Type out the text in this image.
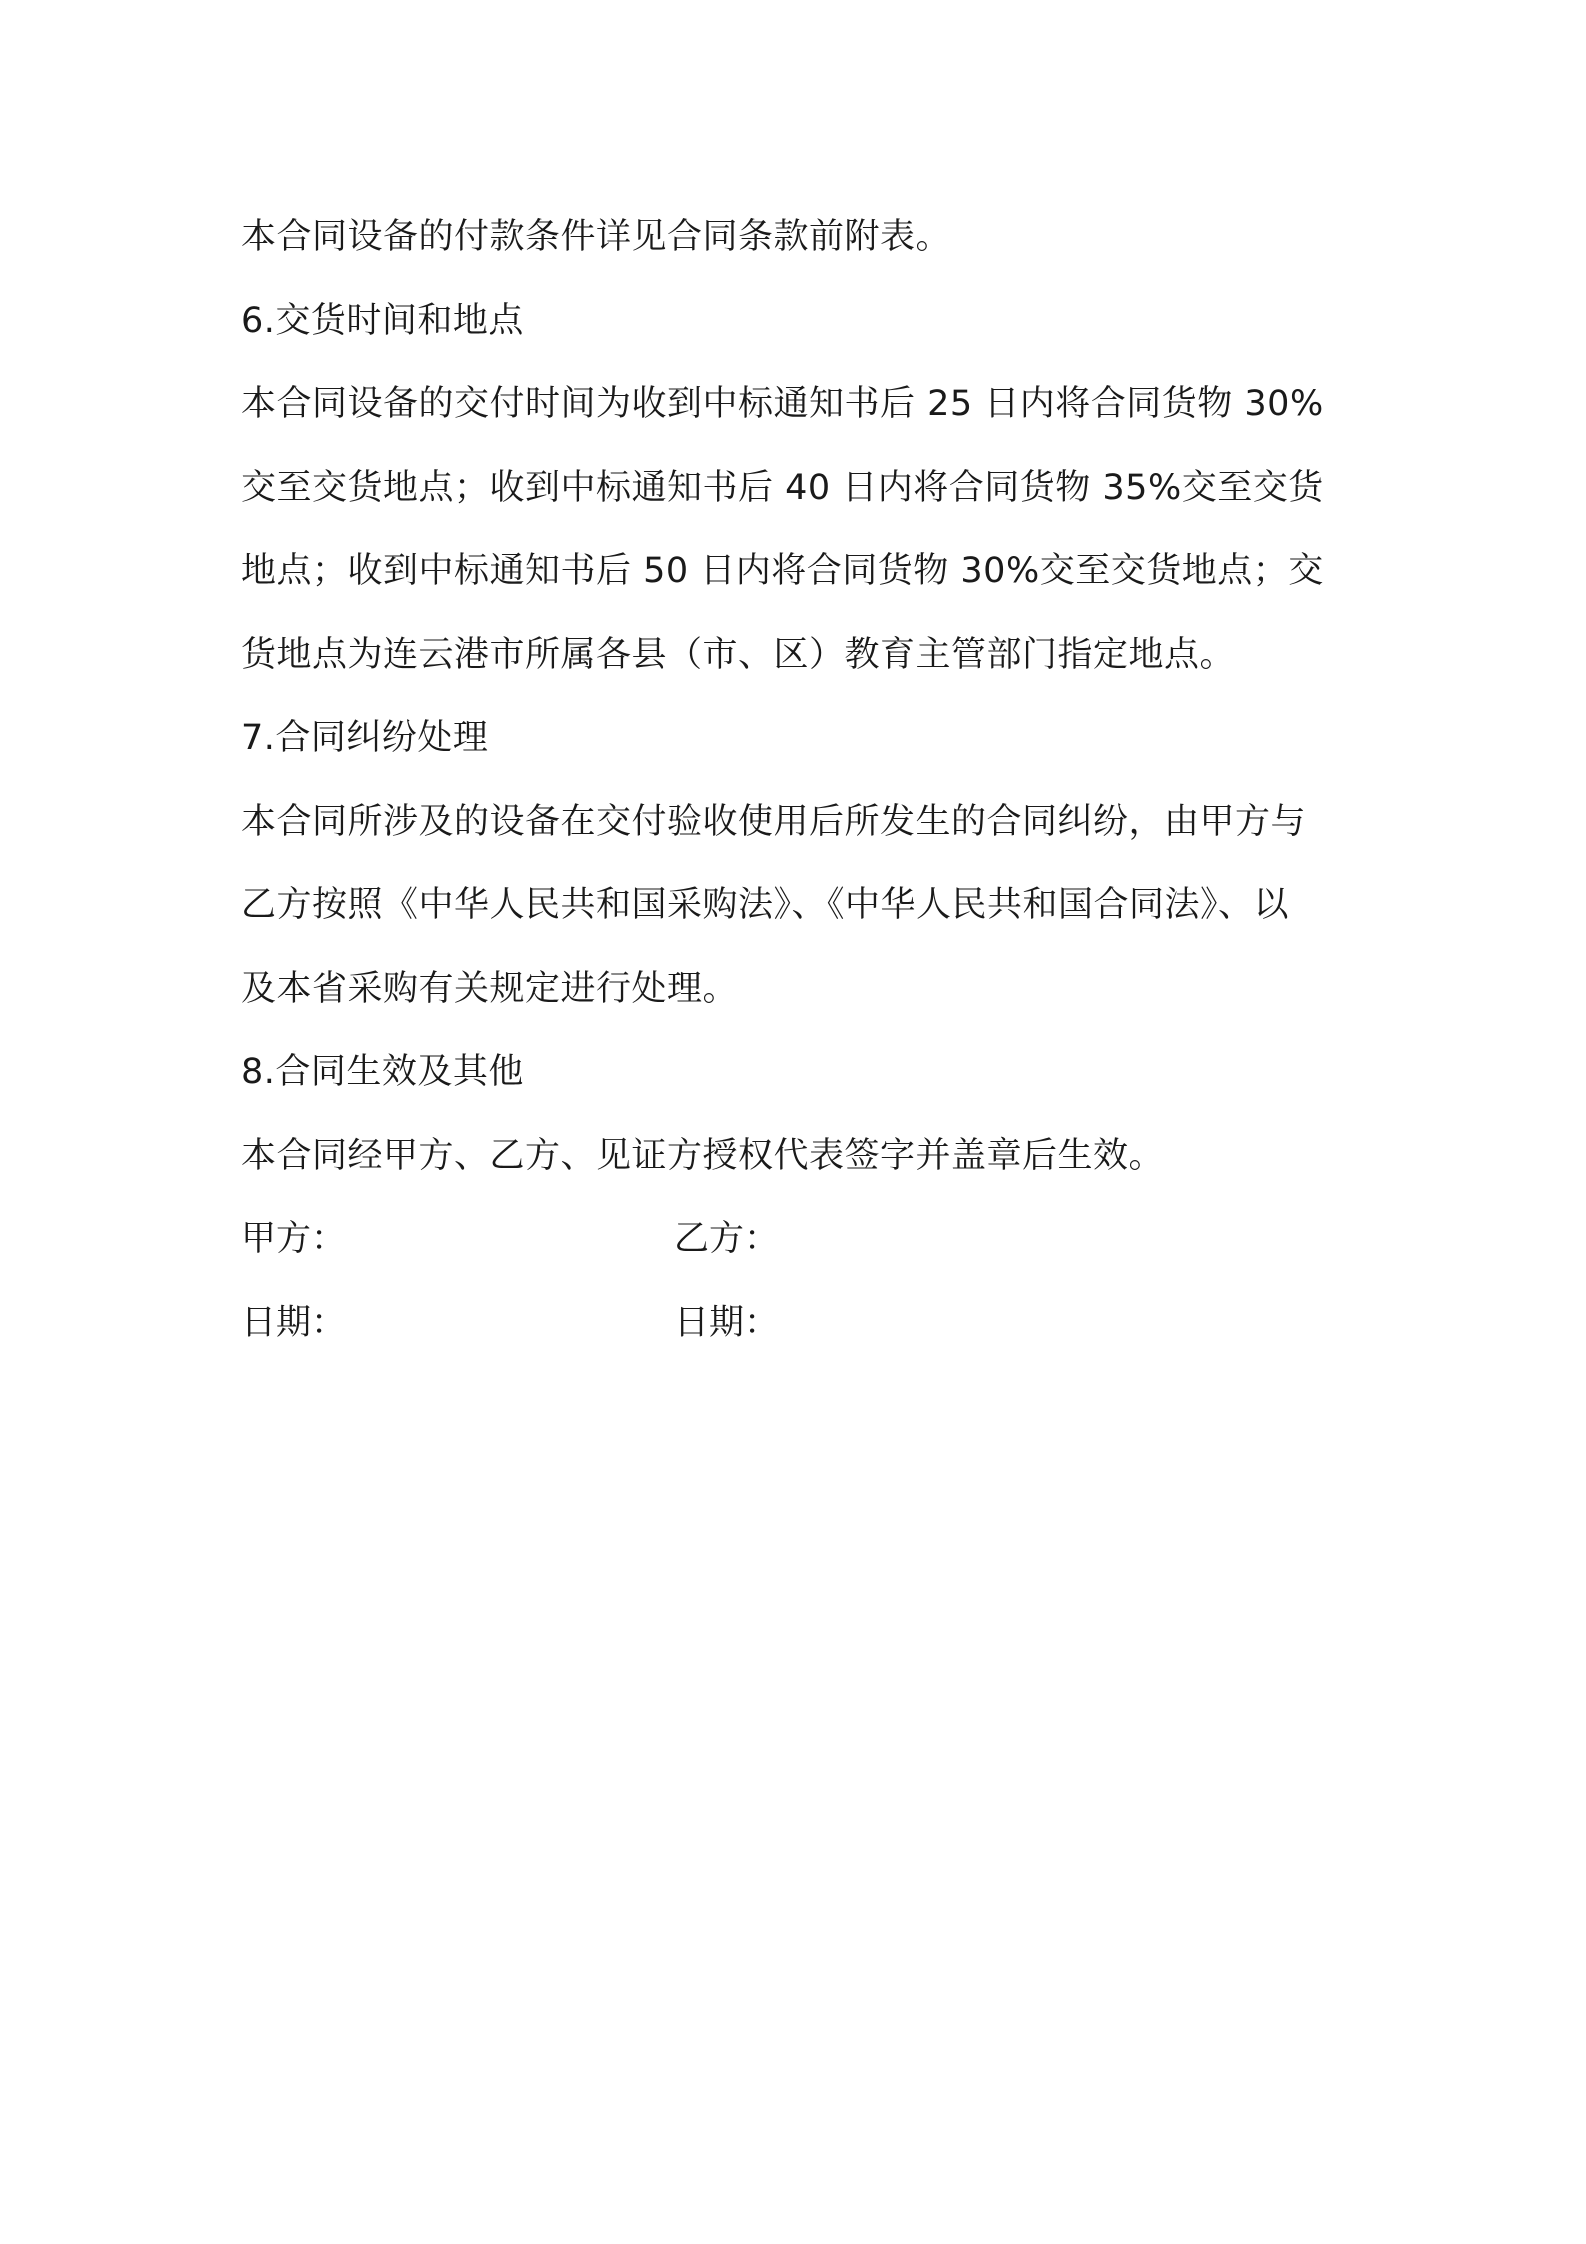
本合同设备的付款条件详见合同条款前附表。
6.交货时间和地点
本合同设备的交付时间为收到中标通知书后 25 日内将合同货物 30%
交至交货地点；收到中标通知书后 40 日内将合同货物 35%交至交货
地点；收到中标通知书后 50 日内将合同货物 30%交至交货地点；交
货地点为连云港市所属各县（市、区）教育主管部门指定地点。
7.合同纠纷处理
本合同所涉及的设备在交付验收使用后所发生的合同纠纷，由甲方与
乙方按照《中华人民共和国采购法》、《中华人民共和国合同法》、以
及本省采购有关规定进行处理。
8.合同生效及其他
本合同经甲方、乙方、见证方授权代表签字并盖章后生效。
甲方：	乙方：
日期：	日期：
